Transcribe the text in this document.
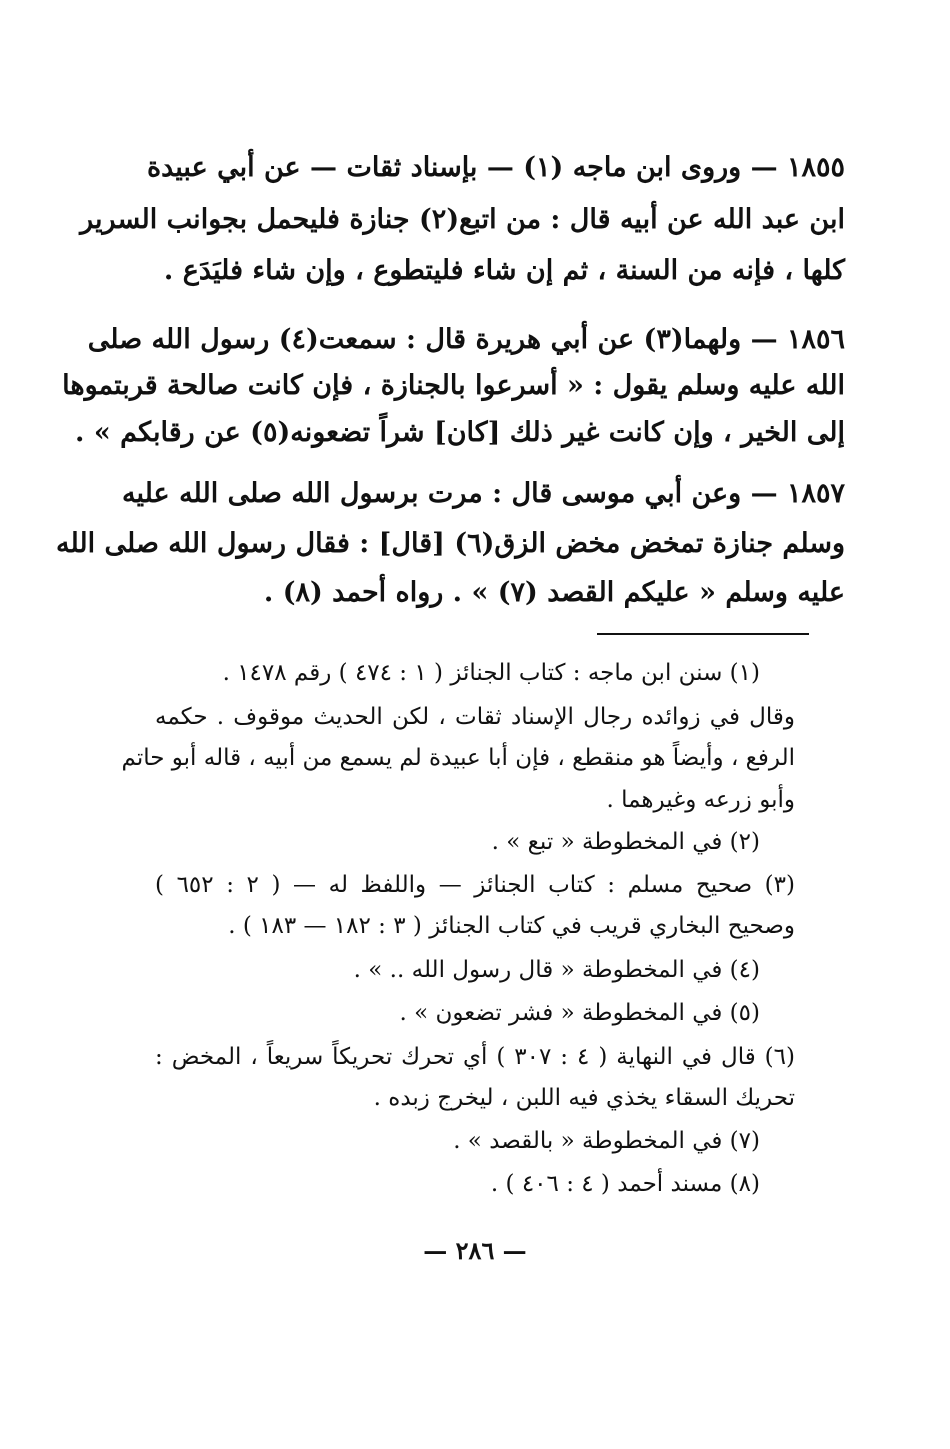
١٨٥٥ — وروى ابن ماجه (١) — بإسناد ثقات — عن أبي عبيدة
ابن عبد الله عن أبيه قال : من اتبع(٢) جنازة فليحمل بجوانب السرير
كلها ، فإنه من السنة ، ثم إن شاء فليتطوع ، وإن شاء فليَدَع .
١٨٥٦ — ولهما(٣) عن أبي هريرة قال : سمعت(٤) رسول الله صلى
الله عليه وسلم يقول : « أسرعوا بالجنازة ، فإن كانت صالحة قربتموها
إلى الخير ، وإن كانت غير ذلك [كان] شراً تضعونه(٥) عن رقابكم » .
١٨٥٧ — وعن أبي موسى قال : مرت برسول الله صلى الله عليه
وسلم جنازة تمخض مخض الزق(٦) [قال] : فقال رسول الله صلى الله
عليه وسلم « عليكم القصد (٧) » . رواه أحمد (٨) .
(١) سنن ابن ماجه : كتاب الجنائز ( ١ : ٤٧٤ ) رقم ١٤٧٨ .
وقال في زوائده رجال الإسناد ثقات ، لكن الحديث موقوف . حكمه
الرفع ، وأيضاً هو منقطع ، فإن أبا عبيدة لم يسمع من أبيه ، قاله أبو حاتم
وأبو زرعه وغيرهما .
(٢) في المخطوطة « تبع » .
(٣) صحيح مسلم : كتاب الجنائز — واللفظ له — ( ٢ : ٦٥٢ )
وصحيح البخاري قريب في كتاب الجنائز ( ٣ : ١٨٢ — ١٨٣ ) .
(٤) في المخطوطة « قال رسول الله .. » .
(٥) في المخطوطة « فشر تضعون » .
(٦) قال في النهاية ( ٤ : ٣٠٧ ) أي تحرك تحريكاً سريعاً ، المخض :
تحريك السقاء يخذي فيه اللبن ، ليخرج زبده .
(٧) في المخطوطة « بالقصد » .
(٨) مسند أحمد ( ٤ : ٤٠٦ ) .
— ٢٨٦ —
